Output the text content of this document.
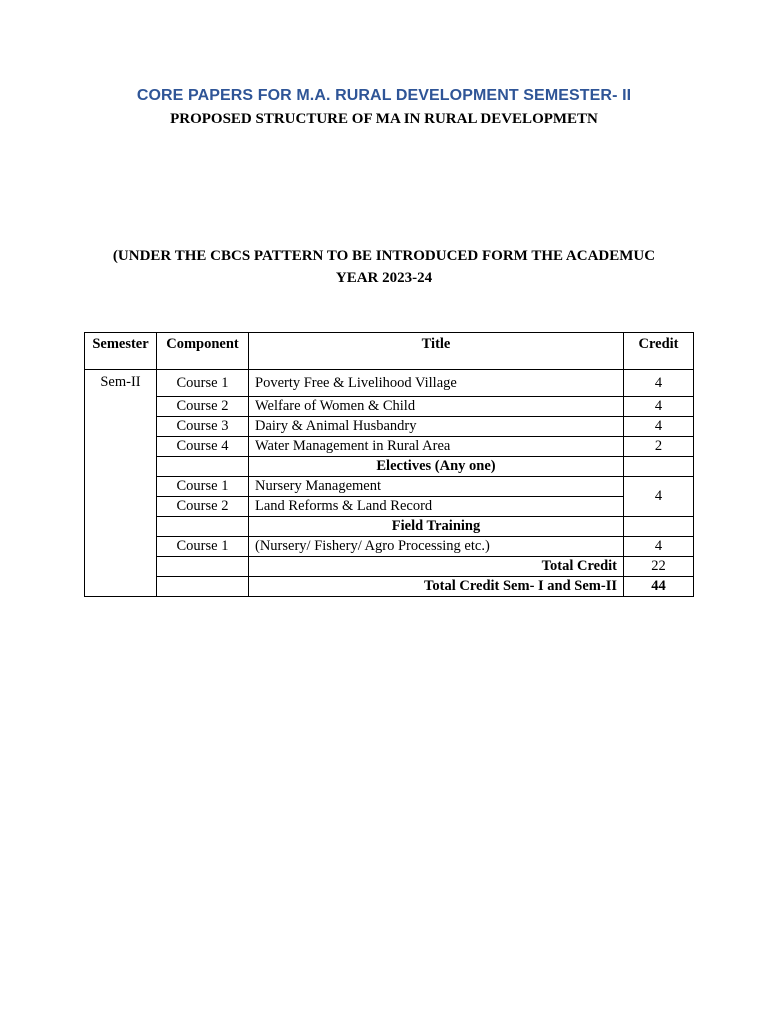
CORE PAPERS FOR M.A. RURAL DEVELOPMENT SEMESTER- II
PROPOSED STRUCTURE OF MA IN RURAL DEVELOPMETN
(UNDER THE CBCS PATTERN TO BE INTRODUCED FORM THE ACADEMUC
YEAR 2023-24
Semester	Component	Title	Credit
Sem-II	Course 1	Poverty Free & Livelihood Village	4
	Course 2	Welfare of Women & Child	4
	Course 3	Dairy & Animal Husbandry	4
	Course 4	Water Management in Rural Area	2
		Electives (Any one)	
	Course 1	Nursery Management	4
	Course 2	Land Reforms & Land Record	
		Field Training	
	Course 1	(Nursery/ Fishery/ Agro Processing etc.)	4
		Total Credit	22
		Total Credit Sem- I and Sem-II	44
